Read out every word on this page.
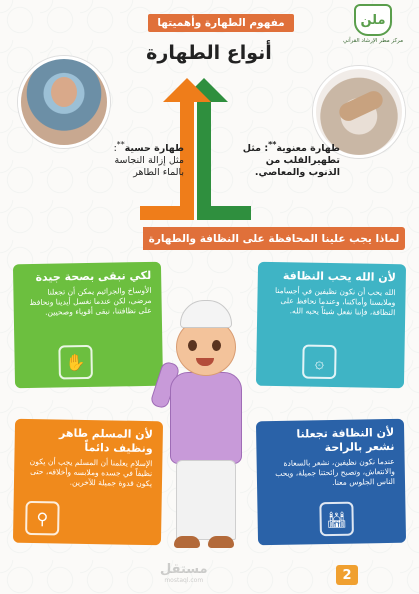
ملن
مركز مطر الإرشاد القرآني
مفهوم الطهارة وأهميتها
أنواع الطهارة
طهارة حسية**: مثل إزالة النجاسة بالماء الطاهر
طهارة معنوية**: مثل تطهيرالقلب من الذنوب والمعاصي.
لماذا يجب علينا المحافظة على النظافة والطهارة
لكي نبقى بصحة جيدة
الأوساخ والجراثيم يمكن أن تجعلنا مرضى، لكن عندما نغسل أيدينا ونحافظ على نظافتنا، نبقى أقوياء وصحيين.
✋
لأن الله يحب النظافة
الله يحب أن نكون نظيفين في أجسامنا وملابسنا وأماكننا، وعندما نحافظ على النظافة، فإننا نفعل شيئاً يحبه الله.
۞
لأن المسلم طاهر ونظيف دائماً
الإسلام يعلمنا أن المسلم يجب أن يكون نظيفاً في جسده وملابسه وأخلاقه، حتى يكون قدوة جميلة للآخرين.
⚲
لأن النظافة تجعلنا نشعر بالراحة
عندما نكون نظيفين، نشعر بالسعادة والانتعاش، وتصبح رائحتنا جميلة، ويحب الناس الجلوس معنا.
🕌︎
مستقل
mostaql.com	2
